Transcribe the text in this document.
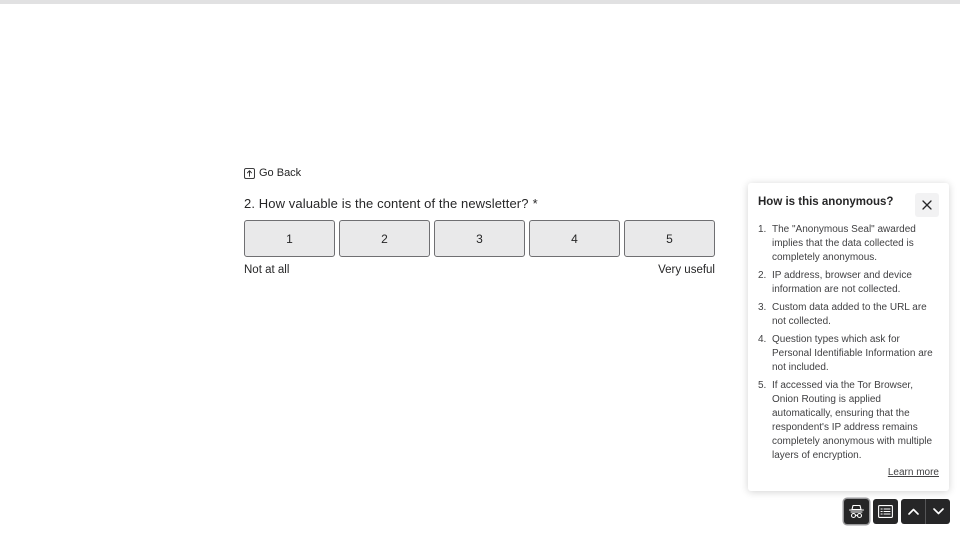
Go Back
2. How valuable is the content of the newsletter? *
1	2	3	4	5
Not at all	Very useful
How is this anonymous?
1. The "Anonymous Seal" awarded implies that the data collected is completely anonymous.
2. IP address, browser and device information are not collected.
3. Custom data added to the URL are not collected.
4. Question types which ask for Personal Identifiable Information are not included.
5. If accessed via the Tor Browser, Onion Routing is applied automatically, ensuring that the respondent's IP address remains completely anonymous with multiple layers of encryption.
Learn more
